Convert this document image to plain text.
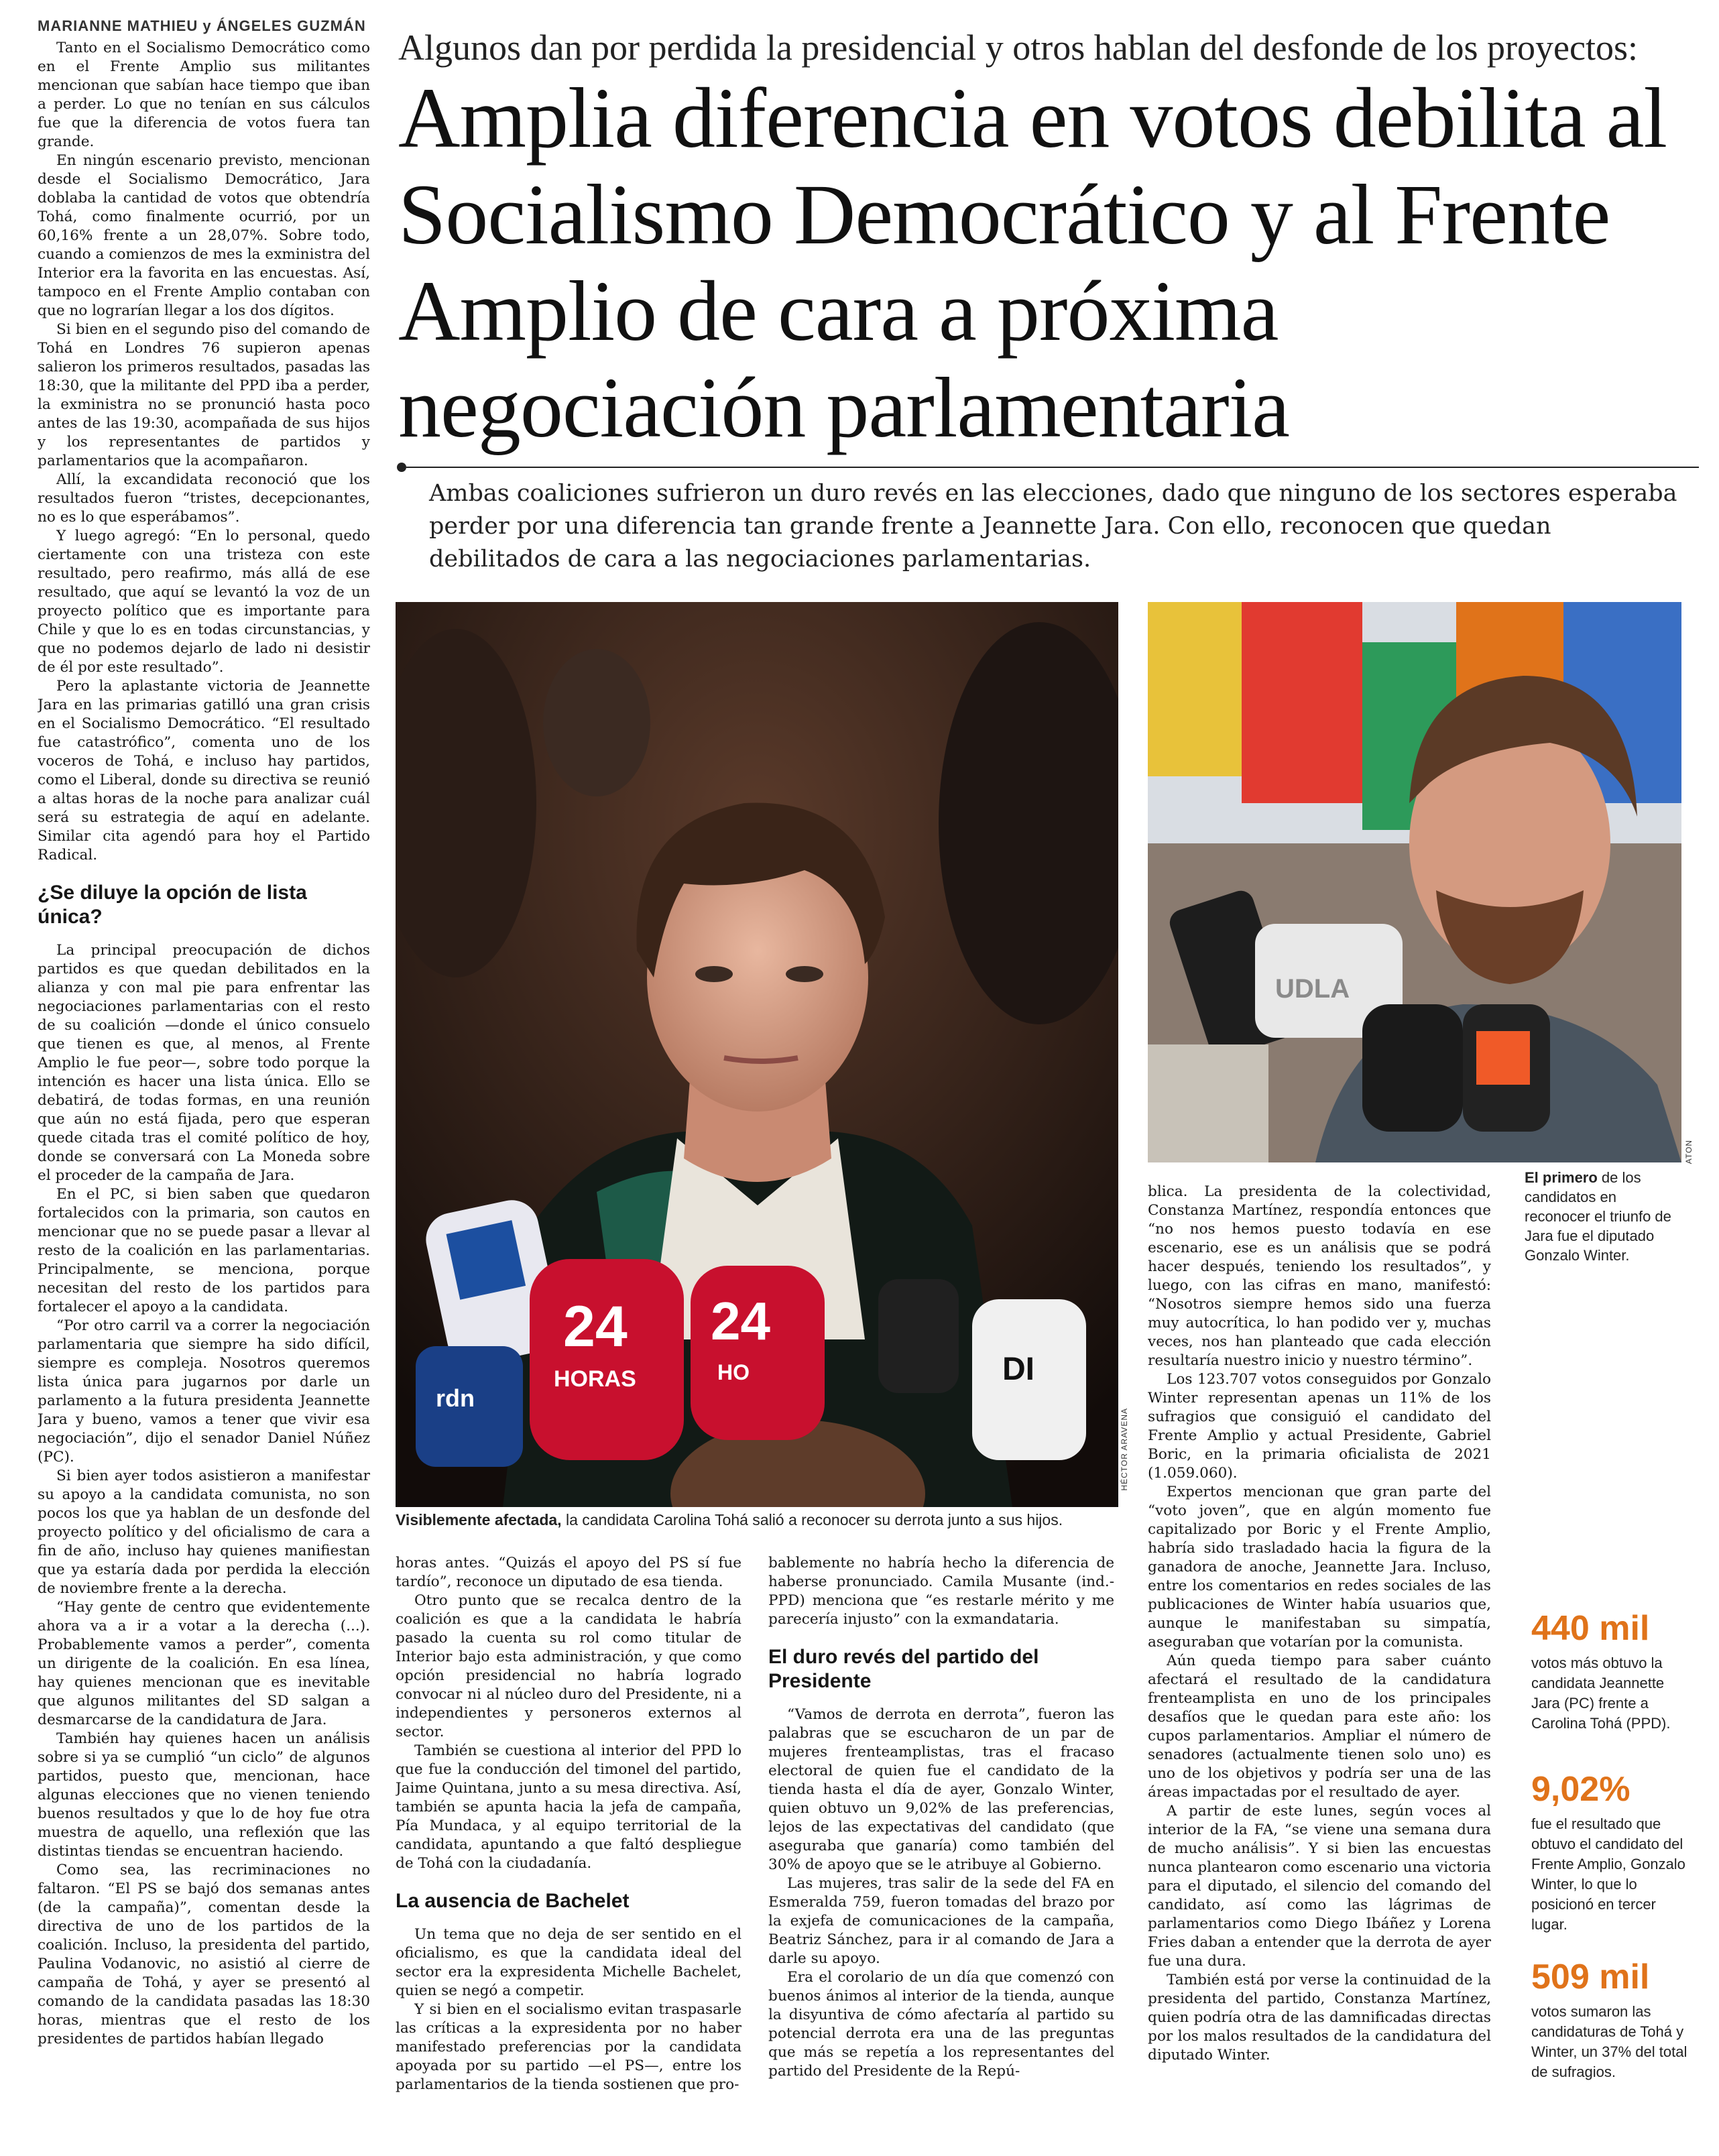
MARIANNE MATHIEU y ÁNGELES GUZMÁN

Tanto en el Socialismo Democrático como en el Frente Amplio sus militantes mencionan que sabían hace tiempo que iban a perder. Lo que no tenían en sus cálculos fue que la diferencia de votos fuera tan grande.

En ningún escenario previsto, mencionan desde el Socialismo Democrático, Jara doblaba la cantidad de votos que obtendría Tohá, como finalmente ocurrió, por un 60,16% frente a un 28,07%. Sobre todo, cuando a comienzos de mes la exministra del Interior era la favorita en las encuestas. Así, tampoco en el Frente Amplio contaban con que no lograrían llegar a los dos dígitos.

Si bien en el segundo piso del comando de Tohá en Londres 76 supieron apenas salieron los primeros resultados, pasadas las 18:30, que la militante del PPD iba a perder, la exministra no se pronunció hasta poco antes de las 19:30, acompañada de sus hijos y los representantes de partidos y parlamentarios que la acompañaron.

Allí, la excandidata reconoció que los resultados fueron “tristes, decepcionantes, no es lo que esperábamos”.

Y luego agregó: “En lo personal, quedo ciertamente con una tristeza con este resultado, pero reafirmo, más allá de ese resultado, que aquí se levantó la voz de un proyecto político que es importante para Chile y que lo es en todas circunstancias, y que no podemos dejarlo de lado ni desistir de él por este resultado”.

Pero la aplastante victoria de Jeannette Jara en las primarias gatilló una gran crisis en el Socialismo Democrático. “El resultado fue catastrófico”, comenta uno de los voceros de Tohá, e incluso hay partidos, como el Liberal, donde su directiva se reunió a altas horas de la noche para analizar cuál será su estrategia de aquí en adelante. Similar cita agendó para hoy el Partido Radical.

¿Se diluye la opción de lista única?

La principal preocupación de dichos partidos es que quedan debilitados en la alianza y con mal pie para enfrentar las negociaciones parlamentarias con el resto de su coalición —donde el único consuelo que tienen es que, al menos, al Frente Amplio le fue peor—, sobre todo porque la intención es hacer una lista única. Ello se debatirá, de todas formas, en una reunión que aún no está fijada, pero que esperan quede citada tras el comité político de hoy, donde se conversará con La Moneda sobre el proceder de la campaña de Jara.

En el PC, si bien saben que quedaron fortalecidos con la primaria, son cautos en mencionar que no se puede pasar a llevar al resto de la coalición en las parlamentarias. Principalmente, se menciona, porque necesitan del resto de los partidos para fortalecer el apoyo a la candidata.

“Por otro carril va a correr la negociación parlamentaria que siempre ha sido difícil, siempre es compleja. Nosotros queremos lista única para jugarnos por darle un parlamento a la futura presidenta Jeannette Jara y bueno, vamos a tener que vivir esa negociación”, dijo el senador Daniel Núñez (PC).

Si bien ayer todos asistieron a manifestar su apoyo a la candidata comunista, no son pocos los que ya hablan de un desfonde del proyecto político y del oficialismo de cara a fin de año, incluso hay quienes manifiestan que ya estaría dada por perdida la elección de noviembre frente a la derecha.

“Hay gente de centro que evidentemente ahora va a ir a votar a la derecha (...). Probablemente vamos a perder”, comenta un dirigente de la coalición. En esa línea, hay quienes mencionan que es inevitable que algunos militantes del SD salgan a desmarcarse de la candidatura de Jara.

También hay quienes hacen un análisis sobre si ya se cumplió “un ciclo” de algunos partidos, puesto que, mencionan, hace algunas elecciones que no vienen teniendo buenos resultados y que lo de hoy fue otra muestra de aquello, una reflexión que las distintas tiendas se encuentran haciendo.

Como sea, las recriminaciones no faltaron. “El PS se bajó dos semanas antes (de la campaña)”, comentan desde la directiva de uno de los partidos de la coalición. Incluso, la presidenta del partido, Paulina Vodanovic, no asistió al cierre de campaña de Tohá, y ayer se presentó al comando de la candidata pasadas las 18:30 horas, mientras que el resto de los presidentes de partidos habían llegado

Algunos dan por perdida la presidencial y otros hablan del desfonde de los proyectos:
Amplia diferencia en votos debilita al Socialismo Democrático y al Frente Amplio de cara a próxima negociación parlamentaria
Ambas coaliciones sufrieron un duro revés en las elecciones, dado que ninguno de los sectores esperaba perder por una diferencia tan grande frente a Jeannette Jara. Con ello, reconocen que quedan debilitados de cara a las negociaciones parlamentarias.
24
HORAS
24
HO
rdn
DI
HÉCTOR ARAVENA
Visiblemente afectada, la candidata Carolina Tohá salió a reconocer su derrota junto a sus hijos.
UDLA
ATON
El primero de los candidatos en reconocer el triunfo de Jara fue el diputado Gonzalo Winter.

horas antes. “Quizás el apoyo del PS sí fue tardío”, reconoce un diputado de esa tienda.

Otro punto que se recalca dentro de la coalición es que a la candidata le habría pasado la cuenta su rol como titular de Interior bajo esta administración, y que como opción presidencial no habría logrado convocar ni al núcleo duro del Presidente, ni a independientes y personeros externos al sector.

También se cuestiona al interior del PPD lo que fue la conducción del timonel del partido, Jaime Quintana, junto a su mesa directiva. Así, también se apunta hacia la jefa de campaña, Pía Mundaca, y al equipo territorial de la candidata, apuntando a que faltó despliegue de Tohá con la ciudadanía.

La ausencia de Bachelet

Un tema que no deja de ser sentido en el oficialismo, es que la candidata ideal del sector era la expresidenta Michelle Bachelet, quien se negó a competir.

Y si bien en el socialismo evitan traspasarle las críticas a la expresidenta por no haber manifestado preferencias por la candidata apoyada por su partido —el PS—, entre los parlamentarios de la tienda sostienen que pro-

bablemente no habría hecho la diferencia de haberse pronunciado. Camila Musante (ind.-PPD) menciona que “es restarle mérito y me parecería injusto” con la exmandataria.

El duro revés del partido del Presidente

“Vamos de derrota en derrota”, fueron las palabras que se escucharon de un par de mujeres frenteamplistas, tras el fracaso electoral de quien fue el candidato de la tienda hasta el día de ayer, Gonzalo Winter, quien obtuvo un 9,02% de las preferencias, lejos de las expectativas del candidato (que aseguraba que ganaría) como también del 30% de apoyo que se le atribuye al Gobierno.

Las mujeres, tras salir de la sede del FA en Esmeralda 759, fueron tomadas del brazo por la exjefa de comunicaciones de la campaña, Beatriz Sánchez, para ir al comando de Jara a darle su apoyo.

Era el corolario de un día que comenzó con buenos ánimos al interior de la tienda, aunque la disyuntiva de cómo afectaría al partido su potencial derrota era una de las preguntas que más se repetía a los representantes del partido del Presidente de la Repú-

blica. La presidenta de la colectividad, Constanza Martínez, respondía entonces que “no nos hemos puesto todavía en ese escenario, ese es un análisis que se podrá hacer después, teniendo los resultados”, y luego, con las cifras en mano, manifestó: “Nosotros siempre hemos sido una fuerza muy autocrítica, lo han podido ver y, muchas veces, nos han planteado que cada elección resultaría nuestro inicio y nuestro término”.

Los 123.707 votos conseguidos por Gonzalo Winter representan apenas un 11% de los sufragios que consiguió el candidato del Frente Amplio y actual Presidente, Gabriel Boric, en la primaria oficialista de 2021 (1.059.060).

Expertos mencionan que gran parte del “voto joven”, que en algún momento fue capitalizado por Boric y el Frente Amplio, habría sido trasladado hacia la figura de la ganadora de anoche, Jeannette Jara. Incluso, entre los comentarios en redes sociales de las publicaciones de Winter había usuarios que, aunque le manifestaban su simpatía, aseguraban que votarían por la comunista.

Aún queda tiempo para saber cuánto afectará el resultado de la candidatura frenteamplista en uno de los principales desafíos que le quedan para este año: los cupos parlamentarios. Ampliar el número de senadores (actualmente tienen solo uno) es uno de los objetivos y podría ser una de las áreas impactadas por el resultado de ayer.

A partir de este lunes, según voces al interior de la FA, “se viene una semana dura de mucho análisis”. Y si bien las encuestas nunca plantearon como escenario una victoria para el diputado, el silencio del comando del candidato, así como las lágrimas de parlamentarios como Diego Ibáñez y Lorena Fries daban a entender que la derrota de ayer fue una dura.

También está por verse la continuidad de la presidenta del partido, Constanza Martínez, quien podría otra de las damnificadas directas por los malos resultados de la candidatura del diputado Winter.

440 mil
votos más obtuvo la candidata Jeannette Jara (PC) frente a Carolina Tohá (PPD).
9,02%
fue el resultado que obtuvo el candidato del Frente Amplio, Gonzalo Winter, lo que lo posicionó en tercer lugar.
509 mil
votos sumaron las candidaturas de Tohá y Winter, un 37% del total de sufragios.
